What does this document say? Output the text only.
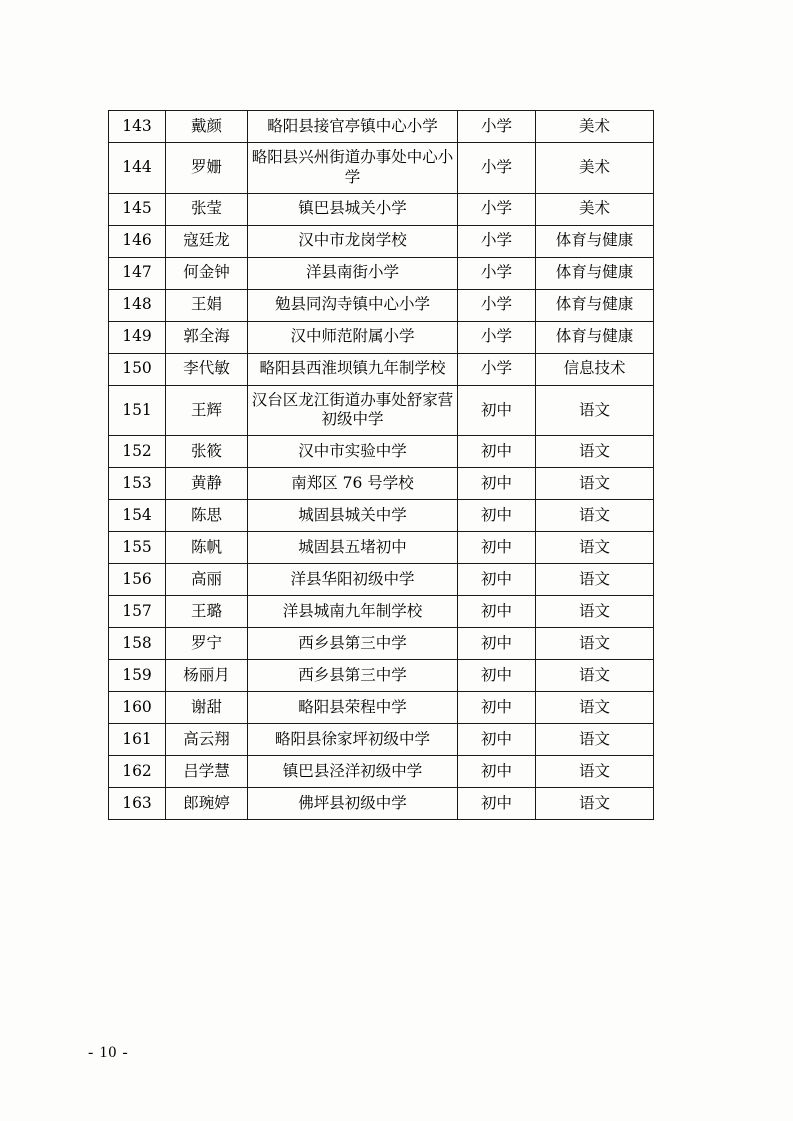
143	戴颜	略阳县接官亭镇中心小学	小学	美术
144	罗姗	略阳县兴州街道办事处中心小学	小学	美术
145	张莹	镇巴县城关小学	小学	美术
146	寇廷龙	汉中市龙岗学校	小学	体育与健康
147	何金钟	洋县南街小学	小学	体育与健康
148	王娟	勉县同沟寺镇中心小学	小学	体育与健康
149	郭全海	汉中师范附属小学	小学	体育与健康
150	李代敏	略阳县西淮坝镇九年制学校	小学	信息技术
151	王辉	汉台区龙江街道办事处舒家营初级中学	初中	语文
152	张筱	汉中市实验中学	初中	语文
153	黄静	南郑区 76 号学校	初中	语文
154	陈思	城固县城关中学	初中	语文
155	陈帆	城固县五堵初中	初中	语文
156	高丽	洋县华阳初级中学	初中	语文
157	王璐	洋县城南九年制学校	初中	语文
158	罗宁	西乡县第三中学	初中	语文
159	杨丽月	西乡县第三中学	初中	语文
160	谢甜	略阳县荣程中学	初中	语文
161	高云翔	略阳县徐家坪初级中学	初中	语文
162	吕学慧	镇巴县泾洋初级中学	初中	语文
163	郎琬婷	佛坪县初级中学	初中	语文
- 10 -
